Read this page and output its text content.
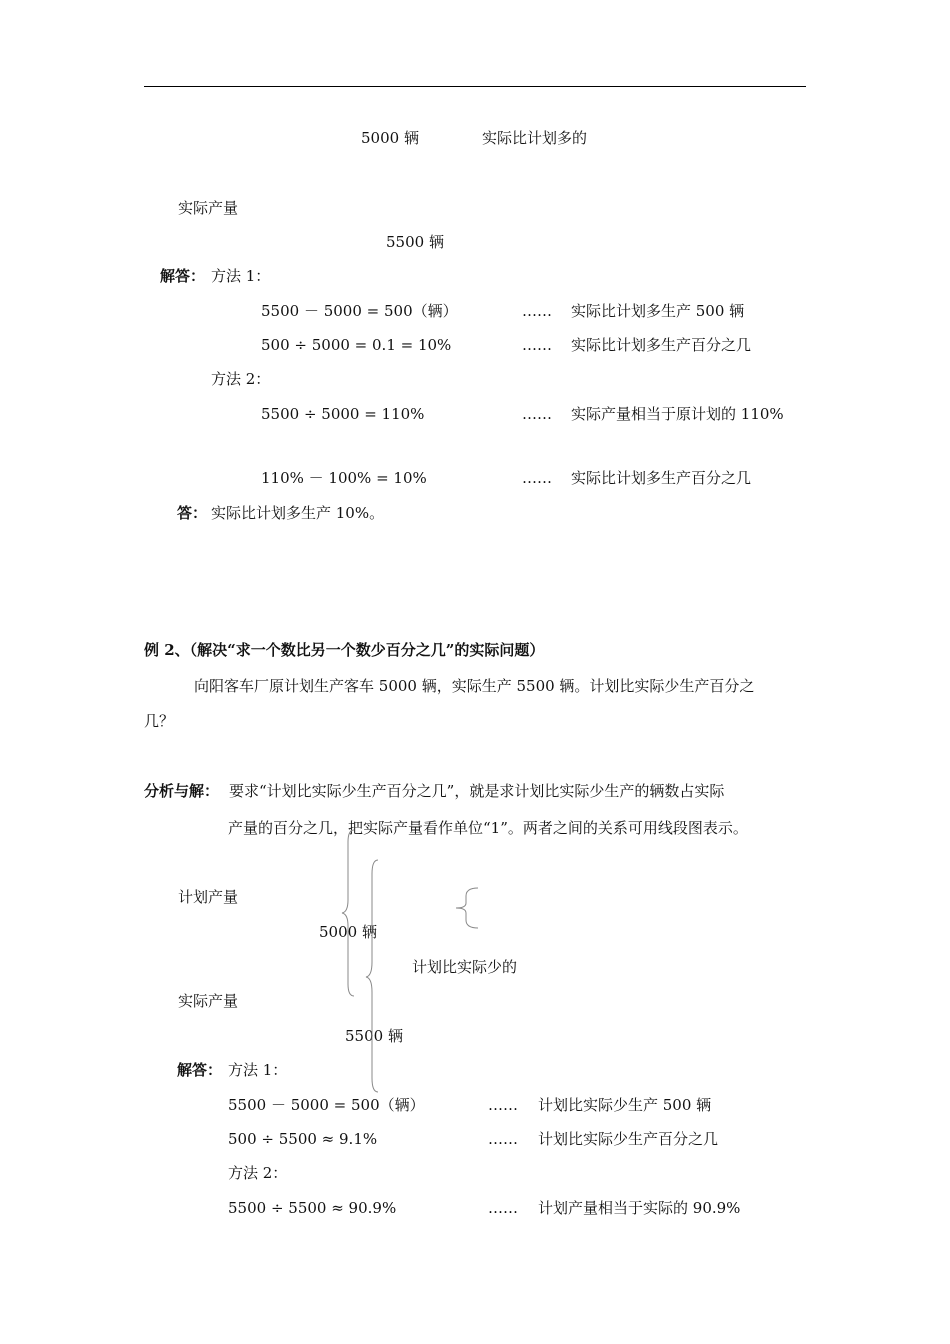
5000 辆	实际比计划多的
实际产量
5500 辆
解答： 方法 1：
5500 － 5000 = 500（辆）	…… 实际比计划多生产 500 辆
500 ÷ 5000 = 0.1 = 10%	…… 实际比计划多生产百分之几
方法 2：
5500 ÷ 5000 = 110%	…… 实际产量相当于原计划的 110%
110% － 100% = 10%	…… 实际比计划多生产百分之几
答： 实际比计划多生产 10%。
例 2、（解决“求一个数比另一个数少百分之几”的实际问题）
向阳客车厂原计划生产客车 5000 辆，实际生产 5500 辆。计划比实际少生产百分之
几？
分析与解： 要求“计划比实际少生产百分之几”，就是求计划比实际少生产的辆数占实际
产量的百分之几，把实际产量看作单位“1”。两者之间的关系可用线段图表示。
计划产量
5000 辆
计划比实际少的
实际产量
5500 辆
解答： 方法 1：
5500 － 5000 = 500（辆）	…… 计划比实际少生产 500 辆
500 ÷ 5500 ≈ 9.1%	…… 计划比实际少生产百分之几
方法 2：
5500 ÷ 5500 ≈ 90.9%	…… 计划产量相当于实际的 90.9%
